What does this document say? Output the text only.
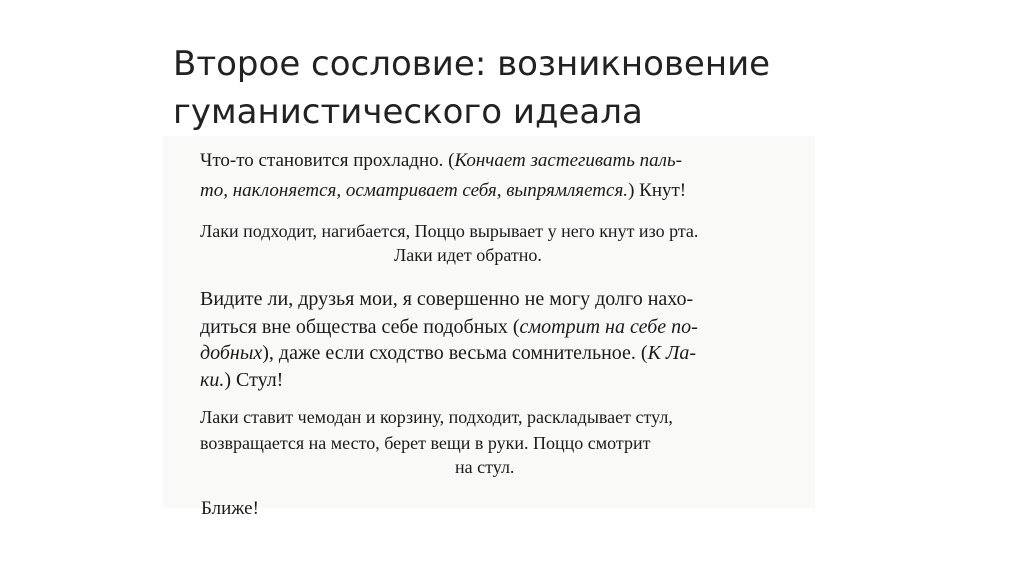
Второе сословие: возникновение
гуманистического идеала
Что-то становится прохладно. (Кончает застегивать паль-
то, наклоняется, осматривает себя, выпрямляется.) Кнут!
Лаки подходит, нагибается, Поццо вырывает у него кнут изо рта.
Лаки идет обратно.
Видите ли, друзья мои, я совершенно не могу долго нахо-
диться вне общества себе подобных (смотрит на себе по-
добных), даже если сходство весьма сомнительное. (К Ла-
ки.) Стул!
Лаки ставит чемодан и корзину, подходит, раскладывает стул,
возвращается на место, берет вещи в руки. Поццо смотрит
на стул.
Ближе!
